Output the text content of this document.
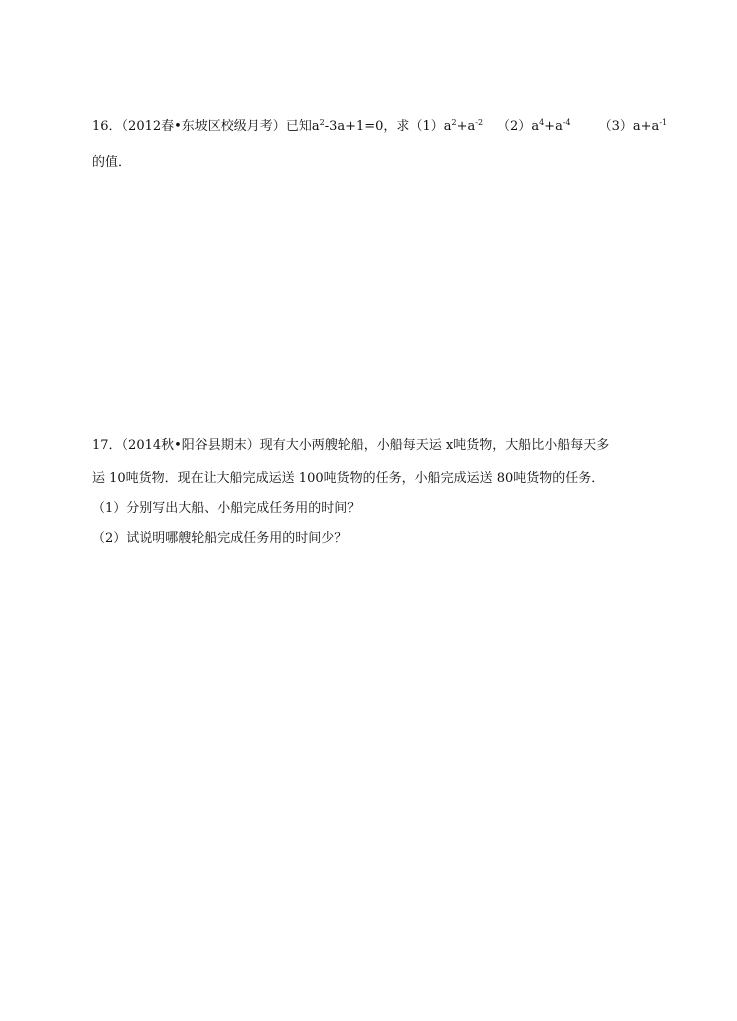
16．（2012春•东坡区校级月考）已知$a^2-3a+1=0$，求$(1)a^2+a^{-2}$ $(2)a^4+a^{-4}$ $(3)a+a^{-1}$
的值．
17．（2014秋•阳谷县期末）现有大小两艘轮船，小船每天运 x吨货物，大船比小船每天多
运 10吨货物．现在让大船完成运送 100吨货物的任务，小船完成运送 80吨货物的任务．
（1）分别写出大船、小船完成任务用的时间？
（2）试说明哪艘轮船完成任务用的时间少？
